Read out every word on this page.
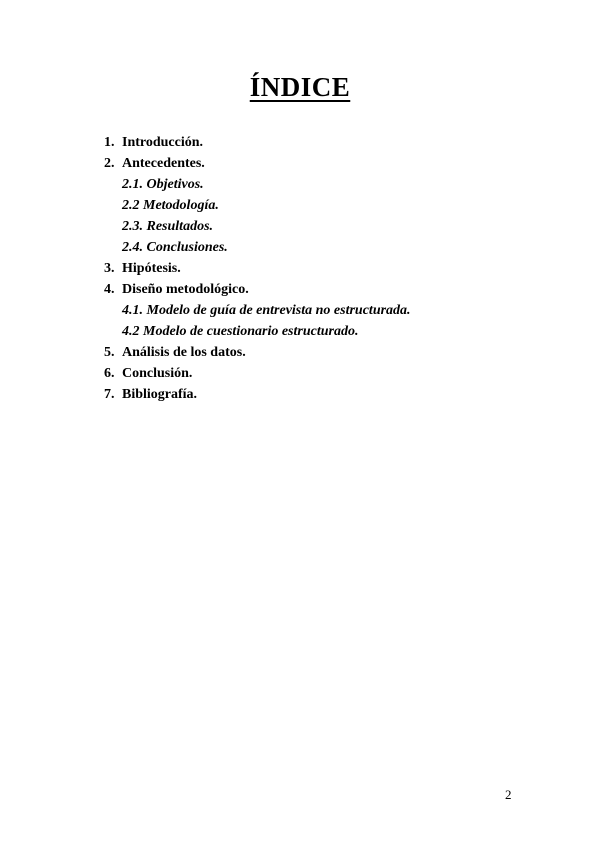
ÍNDICE
1. Introducción.
2. Antecedentes.
2.1. Objetivos.
2.2 Metodología.
2.3. Resultados.
2.4. Conclusiones.
3. Hipótesis.
4. Diseño metodológico.
4.1. Modelo de guía de entrevista no estructurada.
4.2 Modelo de cuestionario estructurado.
5. Análisis de los datos.
6. Conclusión.
7. Bibliografía.
2
